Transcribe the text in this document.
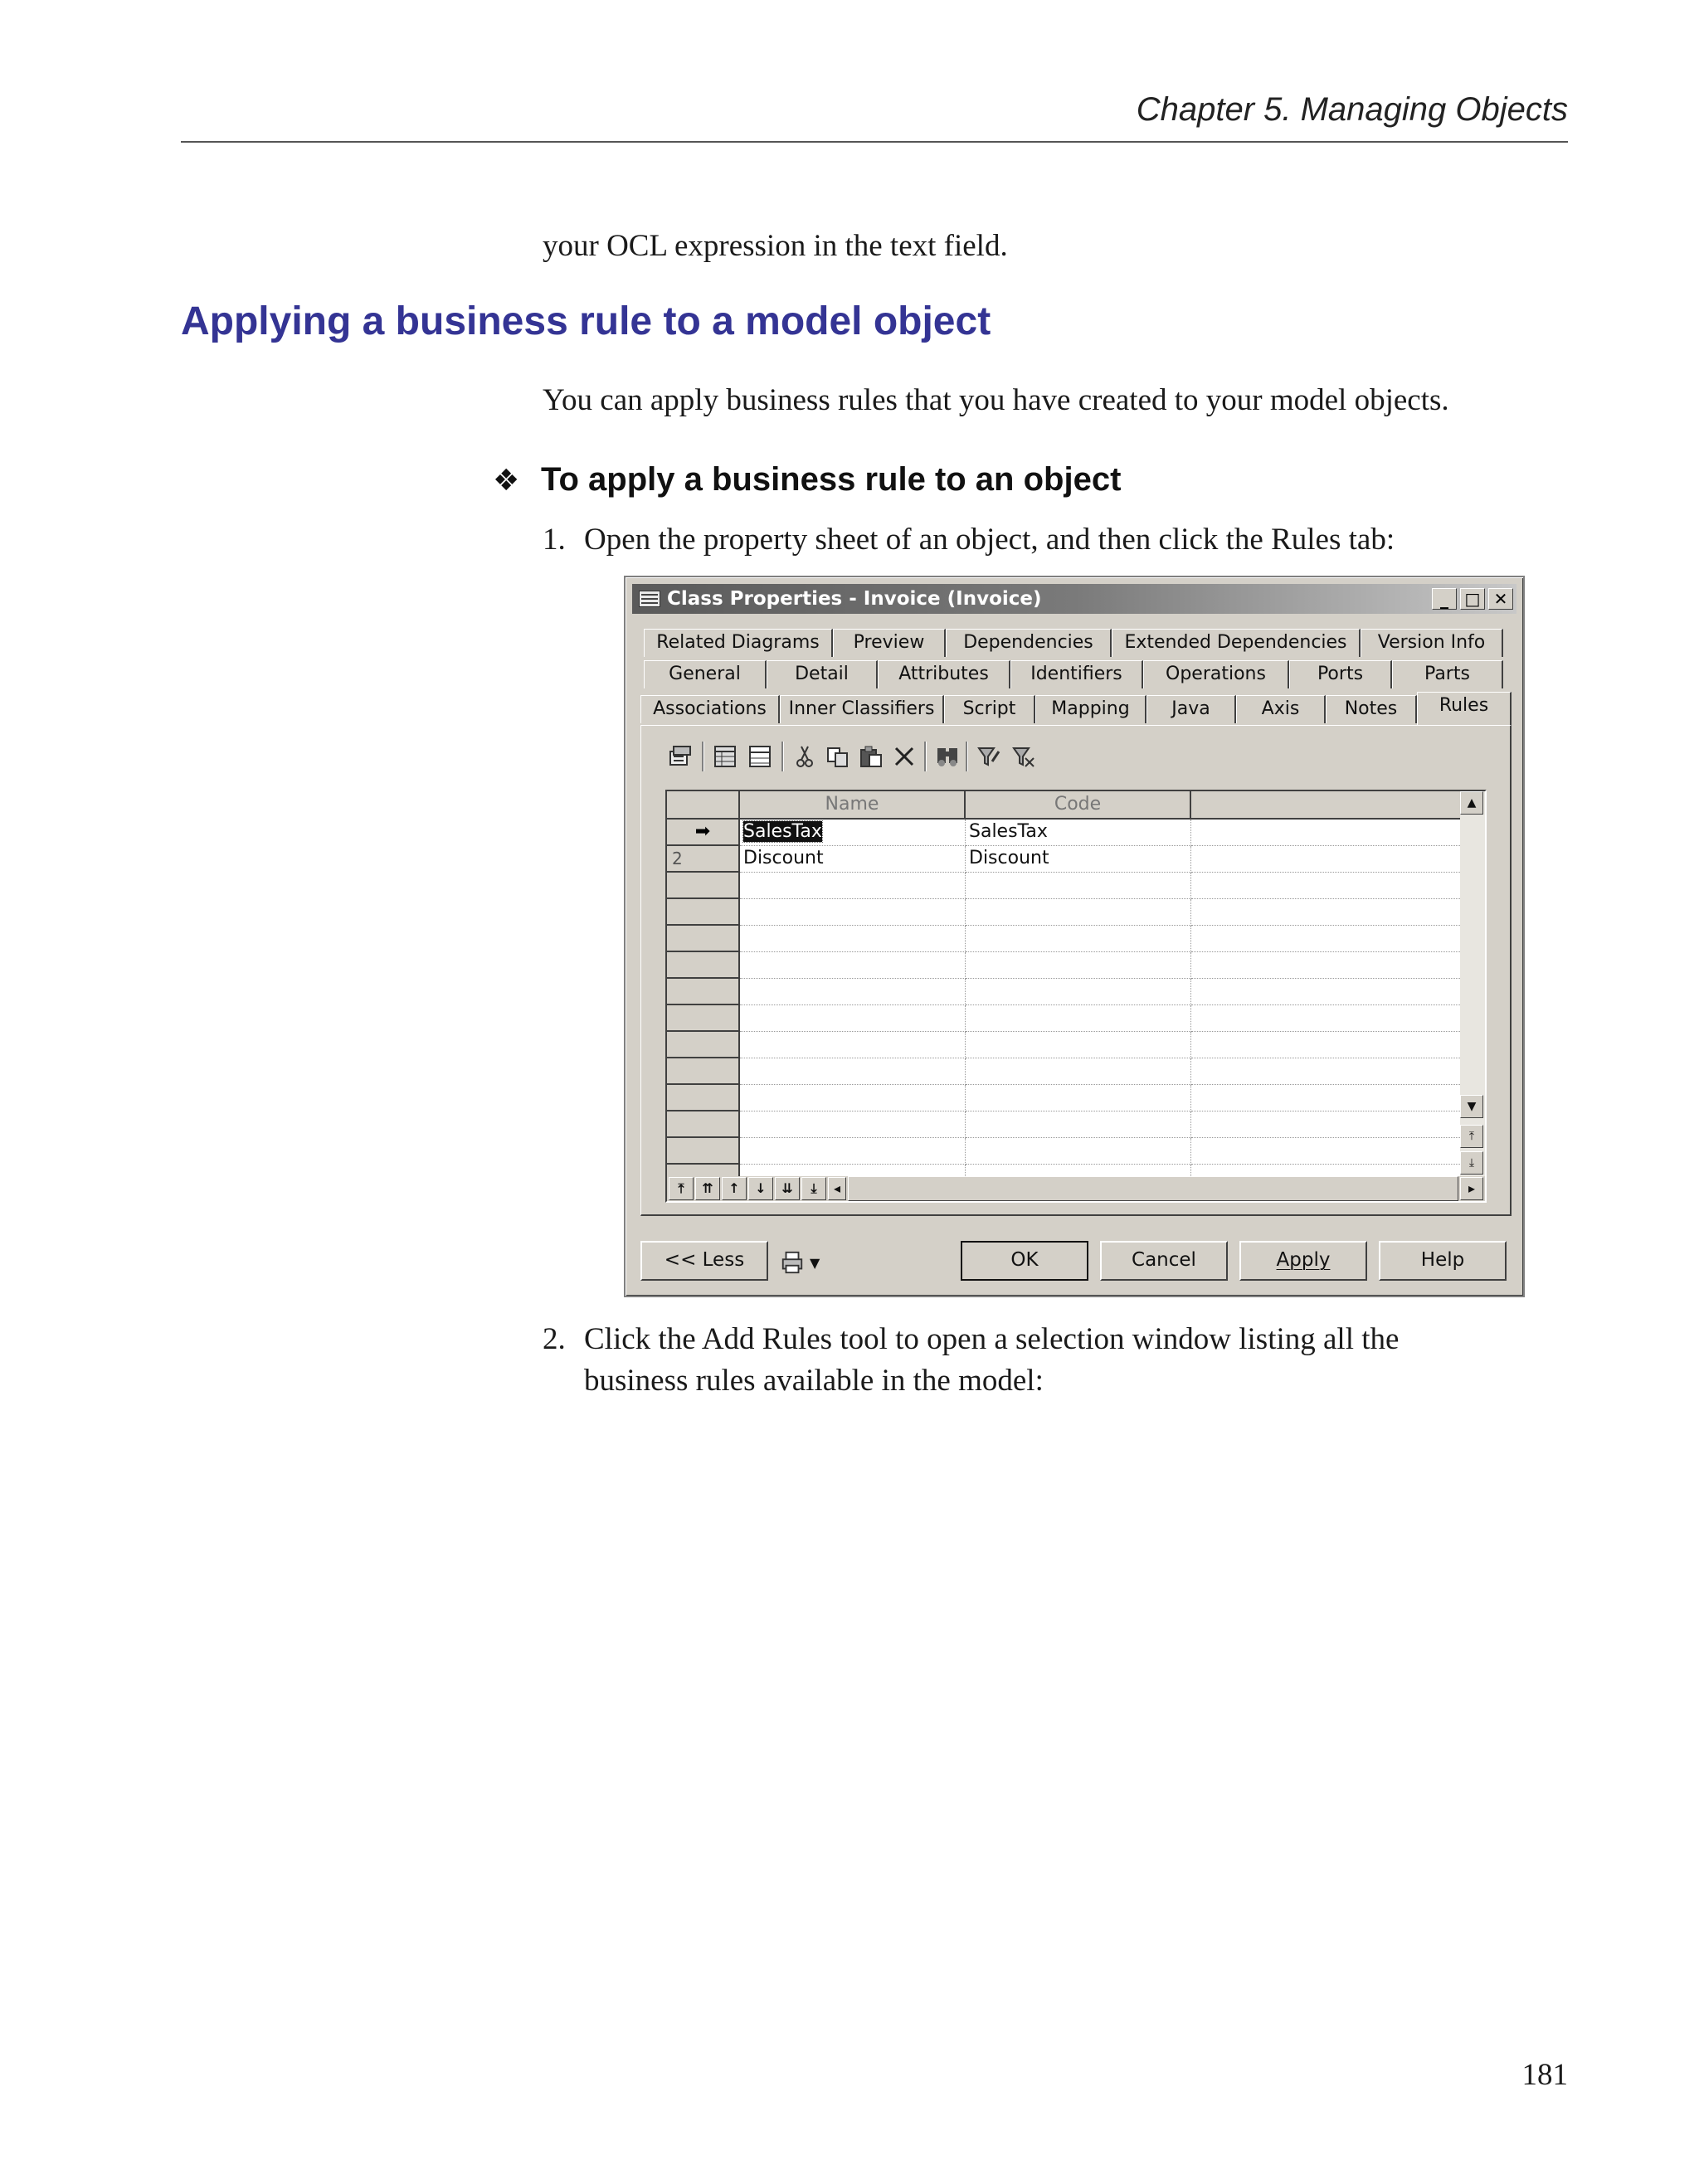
Chapter 5. Managing Objects
your OCL expression in the text field.
Applying a business rule to a model object
You can apply business rules that you have created to your model objects.
❖ To apply a business rule to an object
1. Open the property sheet of an object, and then click the Rules tab:
Class Properties - Invoice (Invoice)	_ □ ✕
Related Diagrams	Preview	Dependencies	Extended Dependencies	Version Info
General	Detail	Attributes	Identifiers	Operations	Ports	Parts
Associations	Inner Classifiers	Script	Mapping	Java	Axis	Notes	Rules
Name	Code
➡	SalesTax	SalesTax
2	Discount	Discount
▲
▼
⤒
⤓
⤒	⇈	↑	↓	⇊	⤓	◂	▸
<< Less	▼	OK	Cancel	Apply	Help
2. Click the Add Rules tool to open a selection window listing all the
business rules available in the model:
181
